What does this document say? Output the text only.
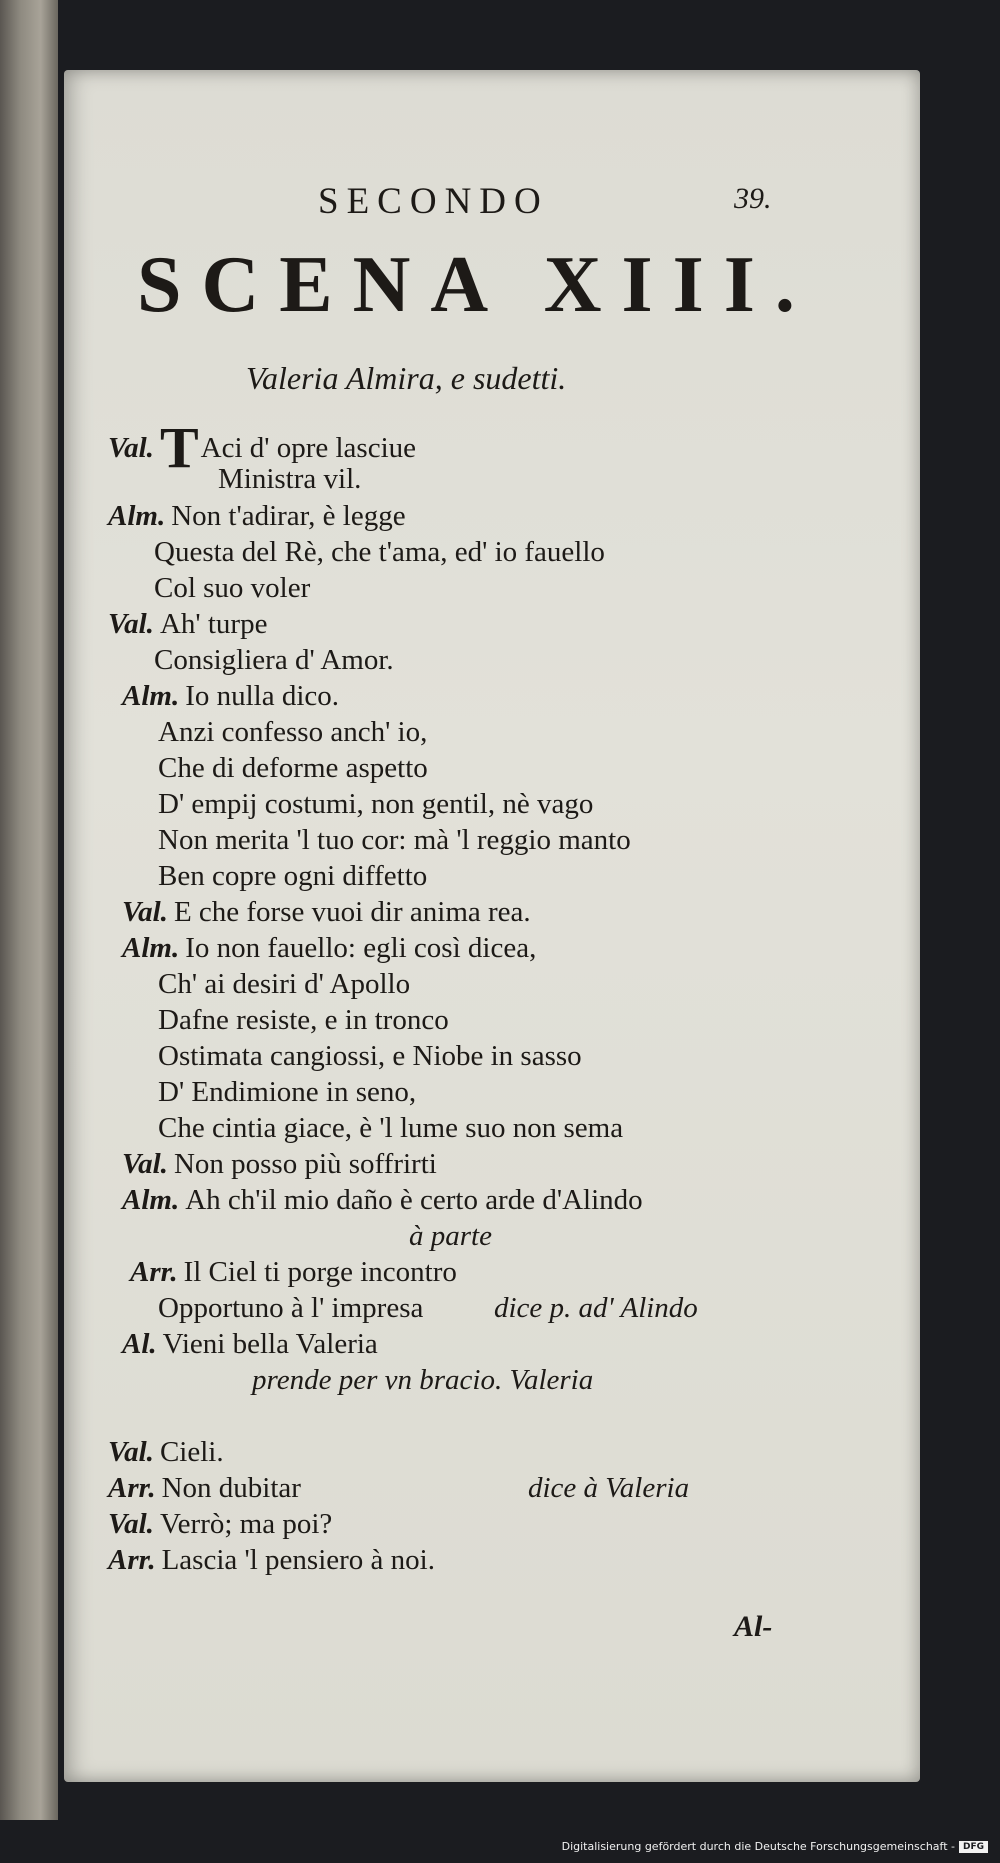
SECONDO	39.
SCENA XIII.
Valeria Almira, e sudetti.
Val. TAci d' opre lasciue
Ministra vil.
Alm. Non t'adirar, è legge
Questa del Rè, che t'ama, ed' io fauello
Col suo voler
Val. Ah' turpe
Consigliera d' Amor.
Alm. Io nulla dico.
Anzi confesso anch' io,
Che di deforme aspetto
D' empij costumi, non gentil, nè vago
Non merita 'l tuo cor: mà 'l reggio manto
Ben copre ogni diffetto
Val. E che forse vuoi dir anima rea.
Alm. Io non fauello: egli così dicea,
Ch' ai desiri d' Apollo
Dafne resiste, e in tronco
Ostimata cangiossi, e Niobe in sasso
D' Endimione in seno,
Che cintia giace, è 'l lume suo non sema
Val. Non posso più soffrirti
Alm. Ah ch'il mio daño è certo arde d'Alindo
à parte
Arr. Il Ciel ti porge incontro
Opportuno à l' impresa dice p. ad' Alindo
Al. Vieni bella Valeria
prende per vn bracio. Valeria
Val. Cieli.
Arr. Non dubitar	dice à Valeria
Val. Verrò; ma poi?
Arr. Lascia 'l pensiero à noi.
Al-
Digitalisierung gefördert durch die Deutsche Forschungsgemeinschaft - DFG
